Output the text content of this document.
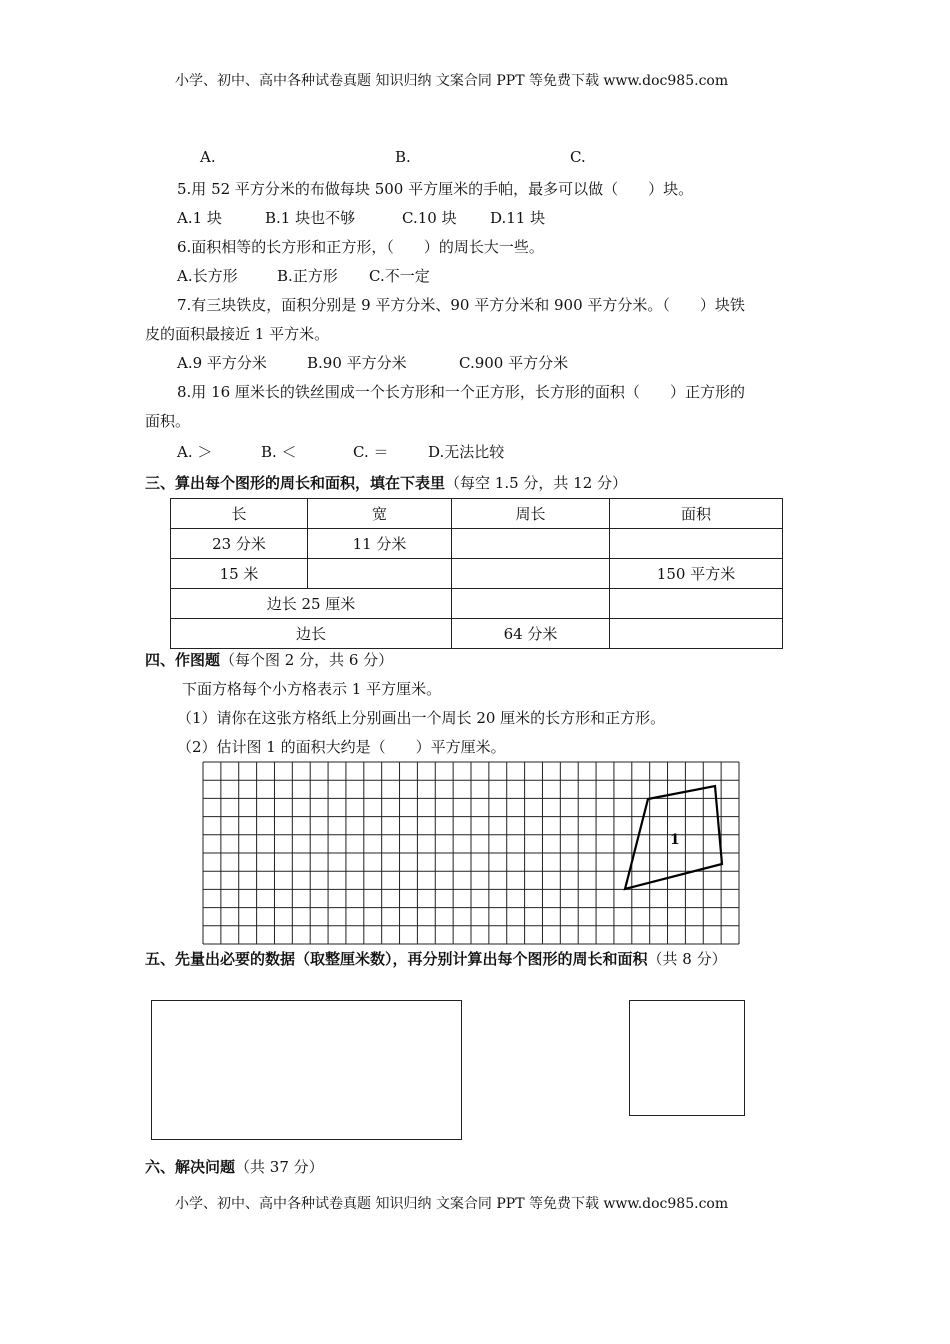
小学、初中、高中各种试卷真题 知识归纳 文案合同 PPT 等免费下载 www.doc985.com
A.	B.	C.
5.用 52 平方分米的布做每块 500 平方厘米的手帕，最多可以做（　　）块。
A.1 块	B.1 块也不够	C.10 块 D.11 块
6.面积相等的长方形和正方形，（　　）的周长大一些。
A.长方形	B.正方形 C.不一定
7.有三块铁皮，面积分别是 9 平方分米、90 平方分米和 900 平方分米。（　　）块铁
皮的面积最接近 1 平方米。
A.9 平方分米	B.90 平方分米	C.900 平方分米
8.用 16 厘米长的铁丝围成一个长方形和一个正方形，长方形的面积（　　）正方形的
面积。
A. ＞	B. ＜	C. ＝	D.无法比较
三、算出每个图形的周长和面积，填在下表里（每空 1.5 分，共 12 分）
长	宽	周长	面积
23 分米	11 分米		
15 米			150 平方米
边长 25 厘米			
边长		64 分米	
四、作图题（每个图 2 分，共 6 分）
下面方格每个小方格表示 1 平方厘米。
（1）请你在这张方格纸上分别画出一个周长 20 厘米的长方形和正方形。
（2）估计图 1 的面积大约是（　　）平方厘米。
1
五、先量出必要的数据（取整厘米数），再分别计算出每个图形的周长和面积（共 8 分）
六、解决问题（共 37 分）
小学、初中、高中各种试卷真题 知识归纳 文案合同 PPT 等免费下载 www.doc985.com
